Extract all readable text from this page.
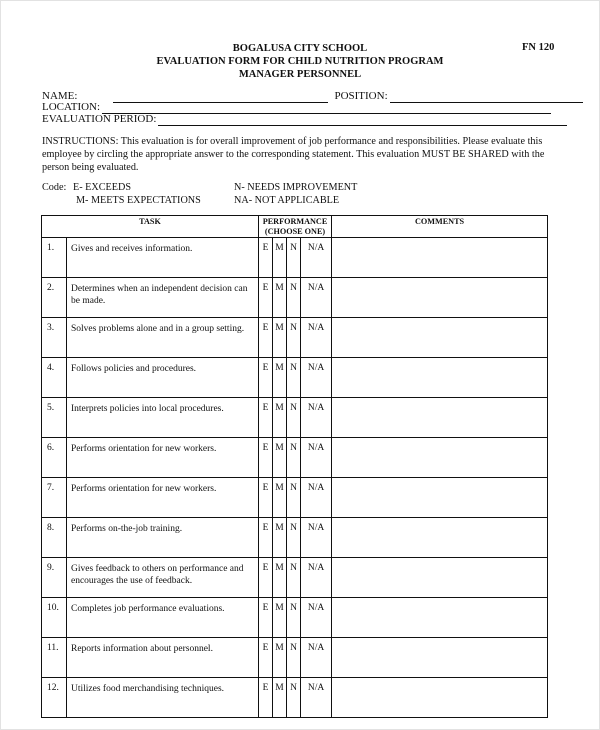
BOGALUSA CITY SCHOOL
EVALUATION FORM FOR CHILD NUTRITION PROGRAM
MANAGER PERSONNEL
FN 120
NAME:	POSITION:
LOCATION:
EVALUATION PERIOD:
INSTRUCTIONS: This evaluation is for overall improvement of job performance and responsibilities. Please evaluate this employee by circling the appropriate answer to the corresponding statement. This evaluation MUST BE SHARED with the person being evaluated.
Code: E- EXCEEDS
M- MEETS EXPECTATIONS
N- NEEDS IMPROVEMENT
NA- NOT APPLICABLE
TASK		PERFORMANCE
(CHOOSE ONE)				COMMENTS
1.	Gives and receives information.	E	M	N	N/A	
2.	Determines when an independent decision can be made.	E	M	N	N/A	
3.	Solves problems alone and in a group setting.	E	M	N	N/A	
4.	Follows policies and procedures.	E	M	N	N/A	
5.	Interprets policies into local procedures.	E	M	N	N/A	
6.	Performs orientation for new workers.	E	M	N	N/A	
7.	Performs orientation for new workers.	E	M	N	N/A	
8.	Performs on-the-job training.	E	M	N	N/A	
9.	Gives feedback to others on performance and encourages the use of feedback.	E	M	N	N/A	
10.	Completes job performance evaluations.	E	M	N	N/A	
11.	Reports information about personnel.	E	M	N	N/A	
12.	Utilizes food merchandising techniques.	E	M	N	N/A	
